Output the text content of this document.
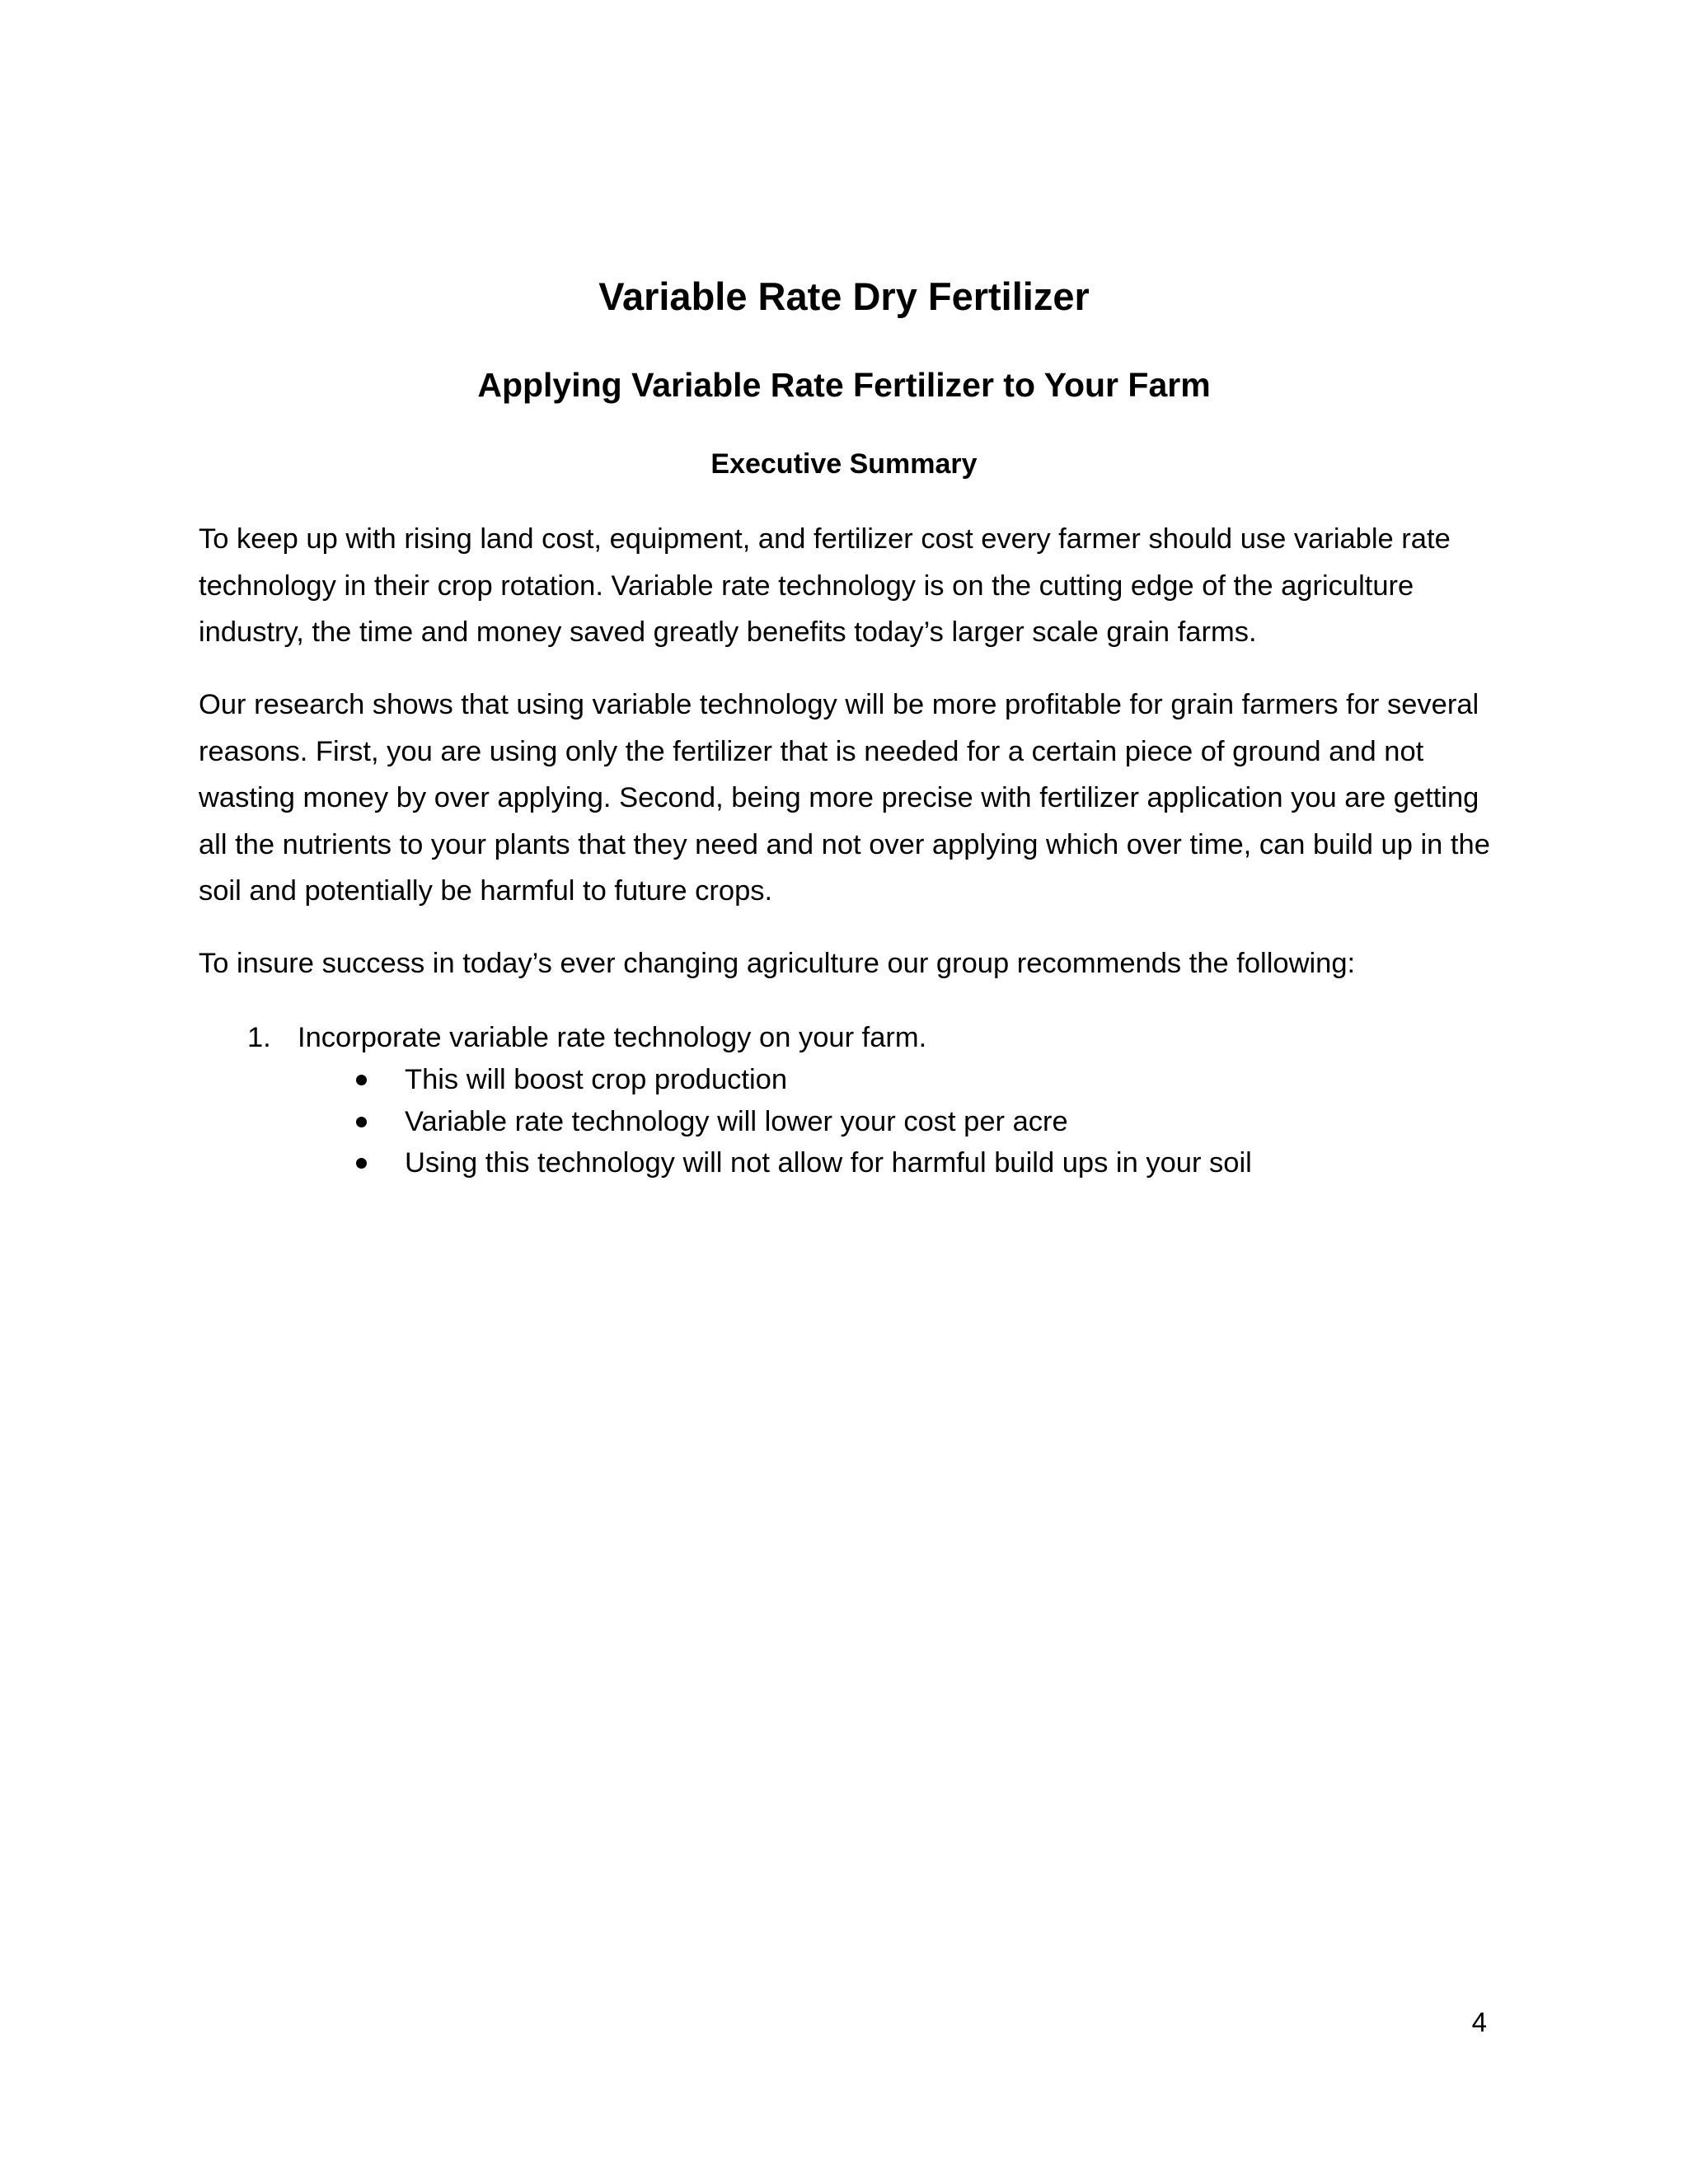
Variable Rate Dry Fertilizer
Applying Variable Rate Fertilizer to Your Farm
Executive Summary

To keep up with rising land cost, equipment, and fertilizer cost every farmer should use variable rate technology in their crop rotation. Variable rate technology is on the cutting edge of the agriculture industry, the time and money saved greatly benefits today’s larger scale grain farms.

Our research shows that using variable technology will be more profitable for grain farmers for several reasons. First, you are using only the fertilizer that is needed for a certain piece of ground and not wasting money by over applying. Second, being more precise with fertilizer application you are getting all the nutrients to your plants that they need and not over applying which over time, can build up in the soil and potentially be harmful to future crops.

To insure success in today’s ever changing agriculture our group recommends the following:

1. Incorporate variable rate technology on your farm.
This will boost crop production
Variable rate technology will lower your cost per acre
Using this technology will not allow for harmful build ups in your soil

4
